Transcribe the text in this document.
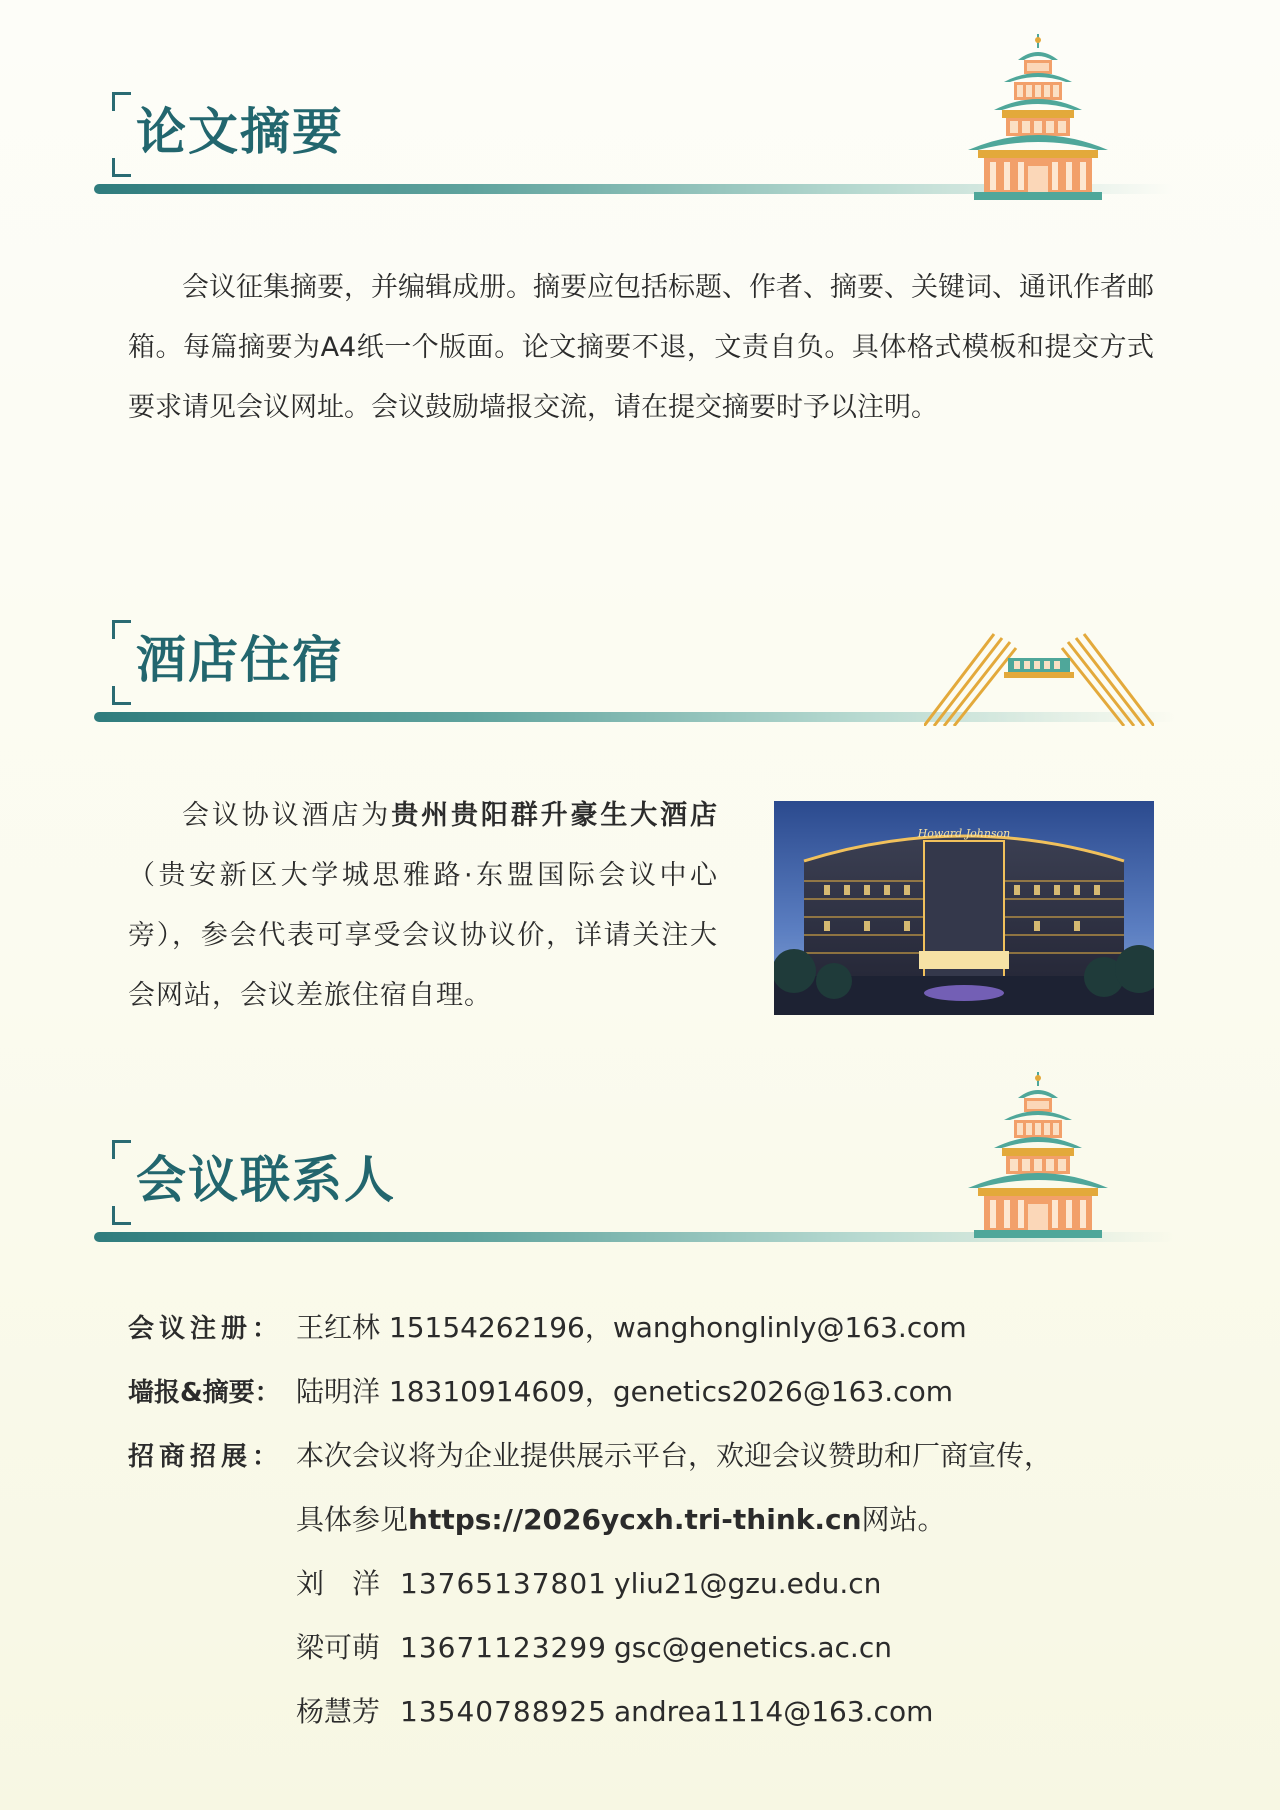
论文摘要
会议征集摘要，并编辑成册。摘要应包括标题、作者、摘要、关键词、通讯作者邮箱。每篇摘要为A4纸一个版面。论文摘要不退，文责自负。具体格式模板和提交方式要求请见会议网址。会议鼓励墙报交流，请在提交摘要时予以注明。
酒店住宿
会议协议酒店为贵州贵阳群升豪生大酒店（贵安新区大学城思雅路·东盟国际会议中心旁），参会代表可享受会议协议价，详请关注大会网站，会议差旅住宿自理。
Howard Johnson
会议联系人
会议注册： 王红林 15154262196，wanghonglinly@163.com
墙报&摘要： 陆明洋 18310914609，genetics2026@163.com
招商招展： 本次会议将为企业提供展示平台，欢迎会议赞助和厂商宣传，
具体参见https://2026ycxh.tri-think.cn网站。
刘　洋 13765137801 yliu21@gzu.edu.cn
梁可萌 13671123299 gsc@genetics.ac.cn
杨慧芳 13540788925 andrea1114@163.com
